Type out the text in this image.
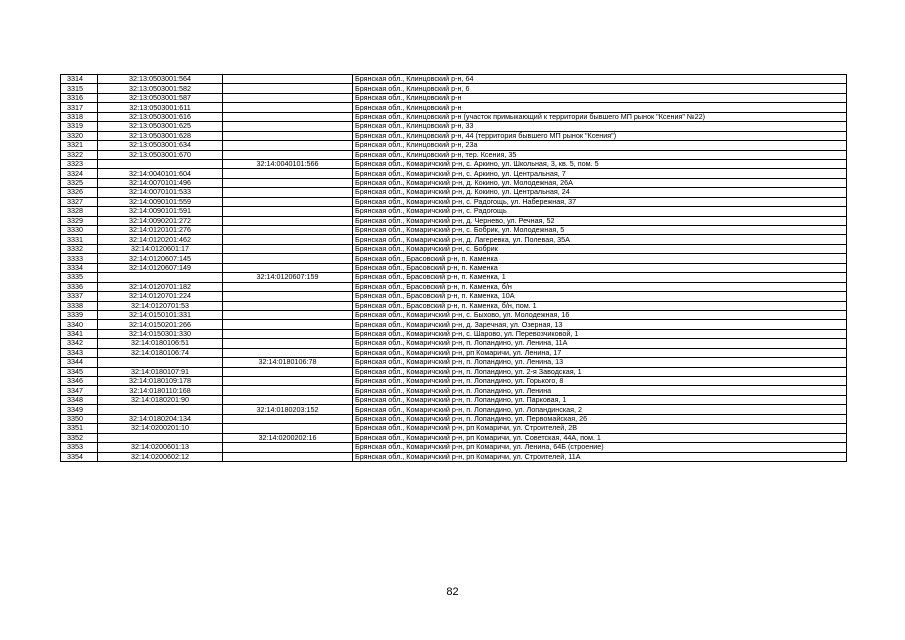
3314	32:13:0503001:564		Брянская обл., Клинцовский р-н, 64
3315	32:13:0503001:582		Брянская обл., Клинцовский р-н, 6
3316	32:13:0503001:587		Брянская обл., Клинцовский р-н
3317	32:13:0503001:611		Брянская обл., Клинцовский р-н
3318	32:13:0503001:616		Брянская обл., Клинцовский р-н (участок примыкающий к территории бывшего МП рынок "Ксения" №22)
3319	32:13:0503001:625		Брянская обл., Клинцовский р-н, 33
3320	32:13:0503001:628		Брянская обл., Клинцовский р-н, 44 (территория бывшего МП рынок "Ксения")
3321	32:13:0503001:634		Брянская обл., Клинцовский р-н, 23а
3322	32:13:0503001:670		Брянская обл., Клинцовский р-н, тер. Ксения, 35
3323		32:14:0040101:566	Брянская обл., Комаричский р-н, с. Аркино, ул. Школьная, 3, кв. 5, пом. 5
3324	32:14:0040101:604		Брянская обл., Комаричский р-н, с. Аркино, ул. Центральная, 7
3325	32:14:0070101:496		Брянская обл., Комаричский р-н, д. Кокино, ул. Молодежная, 26А
3326	32:14:0070101:533		Брянская обл., Комаричский р-н, д. Кокино, ул. Центральная, 24
3327	32:14:0090101:559		Брянская обл., Комаричский р-н, с. Радогощь, ул. Набережная, 37
3328	32:14:0090101:591		Брянская обл., Комаричский р-н, с. Радогощь
3329	32:14:0090201:272		Брянская обл., Комаричский р-н, д. Черневo, ул. Речная, 52
3330	32:14:0120101:276		Брянская обл., Комаричский р-н, с. Бобрик, ул. Молодежная, 5
3331	32:14:0120201:462		Брянская обл., Комаричский р-н, д. Лагеревка, ул. Полевая, 35А
3332	32:14:0120601:17		Брянская обл., Комаричский р-н, с. Бобрик
3333	32:14:0120607:145		Брянская обл., Брасовский р-н, п. Каменка
3334	32:14:0120607:149		Брянская обл., Брасовский р-н, п. Каменка
3335		32:14:0120607:159	Брянская обл., Брасовский р-н, п. Каменка, 1
3336	32:14:0120701:182		Брянская обл., Брасовский р-н, п. Каменка, б/н
3337	32:14:0120701:224		Брянская обл., Брасовский р-н, п. Каменка, 10А
3338	32:14:0120701:53		Брянская обл., Брасовский р-н, п. Каменка, б/н, пом. 1
3339	32:14:0150101:331		Брянская обл., Комаричский р-н, с. Быхово, ул. Молодежная, 16
3340	32:14:0150201:266		Брянская обл., Комаричский р-н, д. Заречная, ул. Озерная, 13
3341	32:14:0150301:330		Брянская обл., Комаричский р-н, с. Шарово, ул. Перевозчиковой, 1
3342	32:14:0180106:51		Брянская обл., Комаричский р-н, п. Лопандино, ул. Ленина, 11А
3343	32:14:0180106:74		Брянская обл., Комаричский р-н, рп Комаричи, ул. Ленина, 17
3344		32:14:0180106:78	Брянская обл., Комаричский р-н, п. Лопандино, ул. Ленина, 13
3345	32:14:0180107:91		Брянская обл., Комаричский р-н, п. Лопандино, ул. 2-я Заводская, 1
3346	32:14:0180109:178		Брянская обл., Комаричский р-н, п. Лопандино, ул. Горького, 8
3347	32:14:0180110:168		Брянская обл., Комаричский р-н, п. Лопандино, ул. Ленина
3348	32:14:0180201:90		Брянская обл., Комаричский р-н, п. Лопандино, ул. Парковая, 1
3349		32:14:0180203:152	Брянская обл., Комаричский р-н, п. Лопандино, ул. Лопандинская, 2
3350	32:14:0180204:134		Брянская обл., Комаричский р-н, п. Лопандино, ул. Первомайская, 26
3351	32:14:0200201:10		Брянская обл., Комаричский р-н, рп Комаричи, ул. Строителей, 2В
3352		32:14:0200202:16	Брянская обл., Комаричский р-н, рп Комаричи, ул. Советская, 44А, пом. 1
3353	32:14:0200601:13		Брянская обл., Комаричский р-н, рп Комаричи, ул. Ленина, 64Б (строение)
3354	32:14:0200602:12		Брянская обл., Комаричский р-н, рп Комаричи, ул. Строителей, 11А
82
